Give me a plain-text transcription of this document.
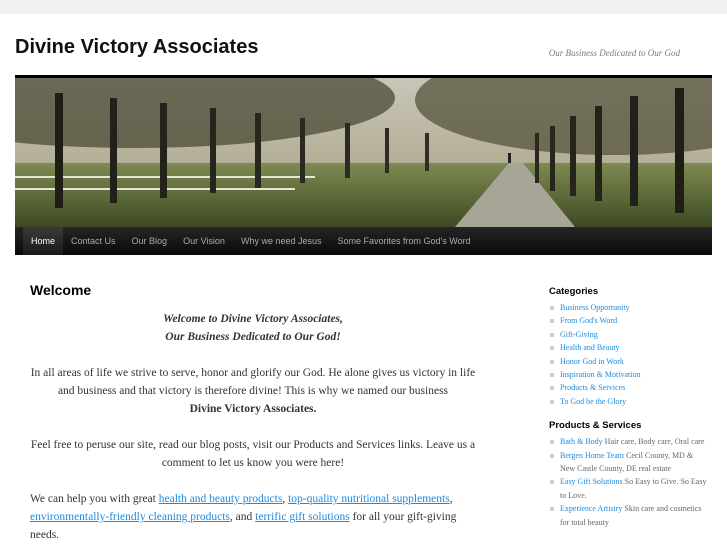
Divine Victory Associates	Our Business Dedicated to Our God
Home	Contact Us	Our Blog	Our Vision	Why we need Jesus	Some Favorites from God's Word
Welcome

Welcome to Divine Victory Associates,
Our Business Dedicated to Our God!

In all areas of life we strive to serve, honor and glorify our God. He alone gives us victory in life and business and that victory is therefore divine! This is why we named our business
Divine Victory Associates.

Feel free to peruse our site, read our blog posts, visit our Products and Services links. Leave us a comment to let us know you were here!

We can help you with great health and beauty products, top-quality nutritional supplements, environmentally-friendly cleaning products, and terrific gift solutions for all your gift-giving needs.

Categories
Business Opportunity
From God's Word
Gift-Giving
Health and Beauty
Honor God in Work
Inspiration & Motivation
Products & Services
To God be the Glory
Products & Services
Bath & Body Hair care, Body care, Oral care
Bergen Home Team Cecil County, MD & New Castle County, DE real estate
Easy Gift Solutions So Easy to Give. So Easy to Love.
Experience Artistry Skin care and cosmetics for total beauty
